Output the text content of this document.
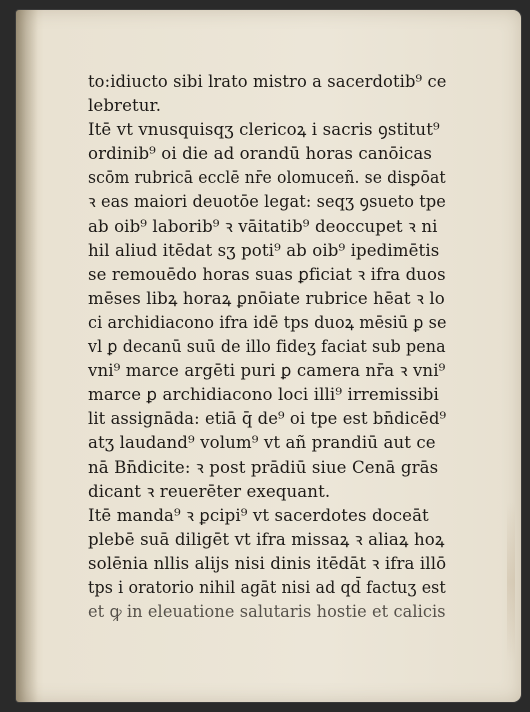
to:idiucto sibi lrato mistro a sacerdotib⁹ ce
lebretur.
Itē vt vnusquisqʒ clericoꝝ i sacris ꝯstitut⁹
ordinib⁹ oi die ad orandū horas canōicas
scōm rubricā ecclē nr̄e olomuceñ. se disꝑōat
ꝛ eas maiori deuotōe legat: seqʒ ꝯsueto tpe
ab oib⁹ laborib⁹ ꝛ vāitatib⁹ deoccupet ꝛ ni
hil aliud itēdat sʒ poti⁹ ab oib⁹ ipedimētis
se remouēdo horas suas ꝑficiat ꝛ ifra duos
mēses libꝝ horaꝝ ꝑnōiate rubrice hēat ꝛ lo
ci archidiacono ifra idē tps duoꝝ mēsiū ꝑ se
vl ꝑ decanū suū de illo fideʒ faciat sub pena
vni⁹ marce argēti puri ꝑ camera nr̄a ꝛ vni⁹
marce ꝑ archidiacono loci illi⁹ irremissibi
lit assignāda: etiā q̄ de⁹ oi tpe est bn̄dicēd⁹
atʒ laudand⁹ volum⁹ vt añ prandiū aut ce
nā Bn̄dicite: ꝛ post prādiū siue Cenā grās
dicant ꝛ reuerēter exequant.
Itē manda⁹ ꝛ ꝑcipi⁹ vt sacerdotes doceāt
plebē suā diligēt vt ifra missaꝝ ꝛ aliaꝝ hoꝝ
solēnia nllis alijs nisi dinis itēdāt ꝛ ifra illō
tps i oratorio nihil agāt nisi ad qd̄ factuʒ est
et ꝙ in eleuatione salutaris hostie et calicis
